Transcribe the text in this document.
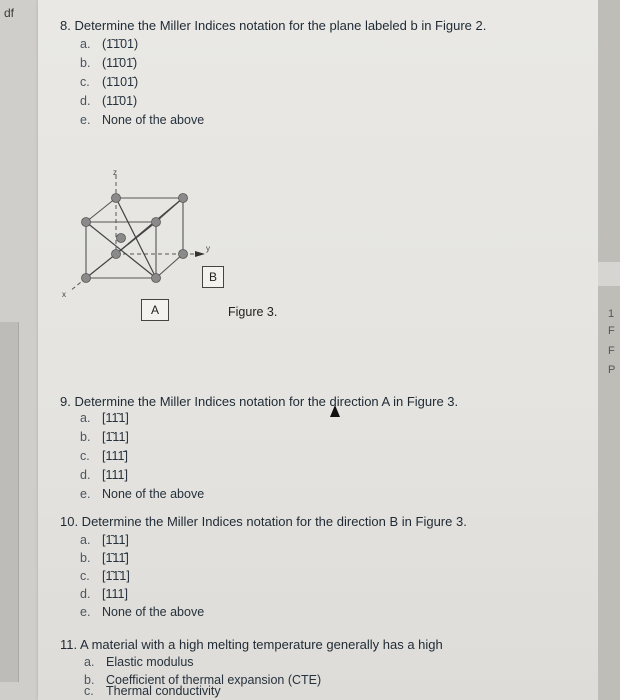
df
1
F
F
P
8. Determine the Miller Indices notation for the plane labeled b in Figure 2.
a. (1̄1̄01)
b. (11̄01̄)
c. (1̄101̄)
d. (11̄01)
e. None of the above
z
y
x
B
A	Figure 3.
9. Determine the Miller Indices notation for the direction A in Figure 3.
a. [11̄1]
b. [1̄11]
c. [111̄]
d. [111]
e. None of the above
10. Determine the Miller Indices notation for the direction B in Figure 3.
a. [1̄11]
b. [1̄11̄]
c. [1̄1̄1]
d. [111]
e. None of the above
11. A material with a high melting temperature generally has a high
a. Elastic modulus
b. Coefficient of thermal expansion (CTE)
c. Thermal conductivity
